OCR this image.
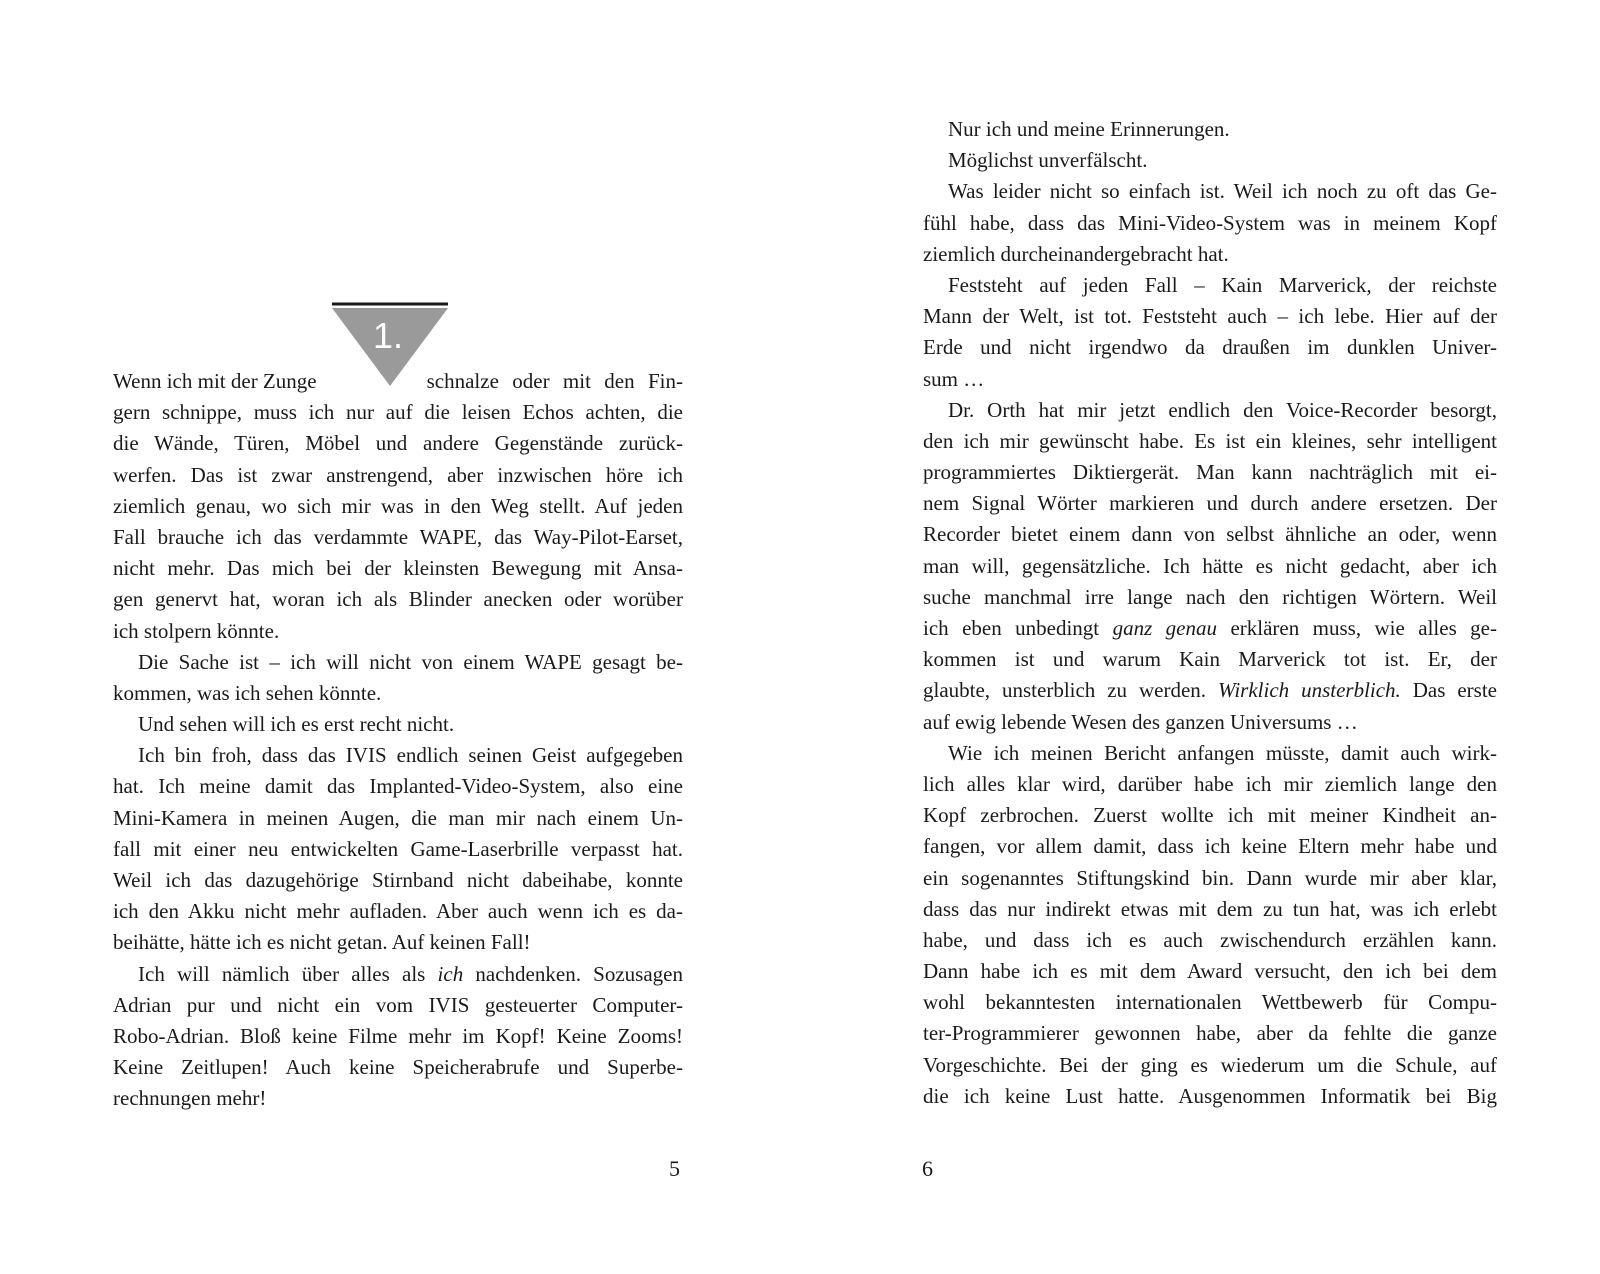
1.
Wenn ich mit der Zunge	schnalze oder mit den Fin-
gern schnippe, muss ich nur auf die leisen Echos achten, die
die Wände, Türen, Möbel und andere Gegenstände zurück-
werfen. Das ist zwar anstrengend, aber inzwischen höre ich
ziemlich genau, wo sich mir was in den Weg stellt. Auf jeden
Fall brauche ich das verdammte WAPE, das Way-Pilot-Earset,
nicht mehr. Das mich bei der kleinsten Bewegung mit Ansa-
gen genervt hat, woran ich als Blinder anecken oder worüber
ich stolpern könnte.
Die Sache ist – ich will nicht von einem WAPE gesagt be-
kommen, was ich sehen könnte.
Und sehen will ich es erst recht nicht.
Ich bin froh, dass das IVIS endlich seinen Geist aufgegeben
hat. Ich meine damit das Implanted-Video-System, also eine
Mini-Kamera in meinen Augen, die man mir nach einem Un-
fall mit einer neu entwickelten Game-Laserbrille verpasst hat.
Weil ich das dazugehörige Stirnband nicht dabeihabe, konnte
ich den Akku nicht mehr aufladen. Aber auch wenn ich es da-
beihätte, hätte ich es nicht getan. Auf keinen Fall!
Ich will nämlich über alles als ich nachdenken. Sozusagen
Adrian pur und nicht ein vom IVIS gesteuerter Computer-
Robo-Adrian. Bloß keine Filme mehr im Kopf! Keine Zooms!
Keine Zeitlupen! Auch keine Speicherabrufe und Superbe-
rechnungen mehr!
5
Nur ich und meine Erinnerungen.
Möglichst unverfälscht.
Was leider nicht so einfach ist. Weil ich noch zu oft das Ge-
fühl habe, dass das Mini-Video-System was in meinem Kopf
ziemlich durcheinandergebracht hat.
Feststeht auf jeden Fall – Kain Marverick, der reichste
Mann der Welt, ist tot. Feststeht auch – ich lebe. Hier auf der
Erde und nicht irgendwo da draußen im dunklen Univer-
sum …
Dr. Orth hat mir jetzt endlich den Voice-Recorder besorgt,
den ich mir gewünscht habe. Es ist ein kleines, sehr intelligent
programmiertes Diktiergerät. Man kann nachträglich mit ei-
nem Signal Wörter markieren und durch andere ersetzen. Der
Recorder bietet einem dann von selbst ähnliche an oder, wenn
man will, gegensätzliche. Ich hätte es nicht gedacht, aber ich
suche manchmal irre lange nach den richtigen Wörtern. Weil
ich eben unbedingt ganz genau erklären muss, wie alles ge-
kommen ist und warum Kain Marverick tot ist. Er, der
glaubte, unsterblich zu werden. Wirklich unsterblich. Das erste
auf ewig lebende Wesen des ganzen Universums …
Wie ich meinen Bericht anfangen müsste, damit auch wirk-
lich alles klar wird, darüber habe ich mir ziemlich lange den
Kopf zerbrochen. Zuerst wollte ich mit meiner Kindheit an-
fangen, vor allem damit, dass ich keine Eltern mehr habe und
ein sogenanntes Stiftungskind bin. Dann wurde mir aber klar,
dass das nur indirekt etwas mit dem zu tun hat, was ich erlebt
habe, und dass ich es auch zwischendurch erzählen kann.
Dann habe ich es mit dem Award versucht, den ich bei dem
wohl bekanntesten internationalen Wettbewerb für Compu-
ter-Programmierer gewonnen habe, aber da fehlte die ganze
Vorgeschichte. Bei der ging es wiederum um die Schule, auf
die ich keine Lust hatte. Ausgenommen Informatik bei Big
6
